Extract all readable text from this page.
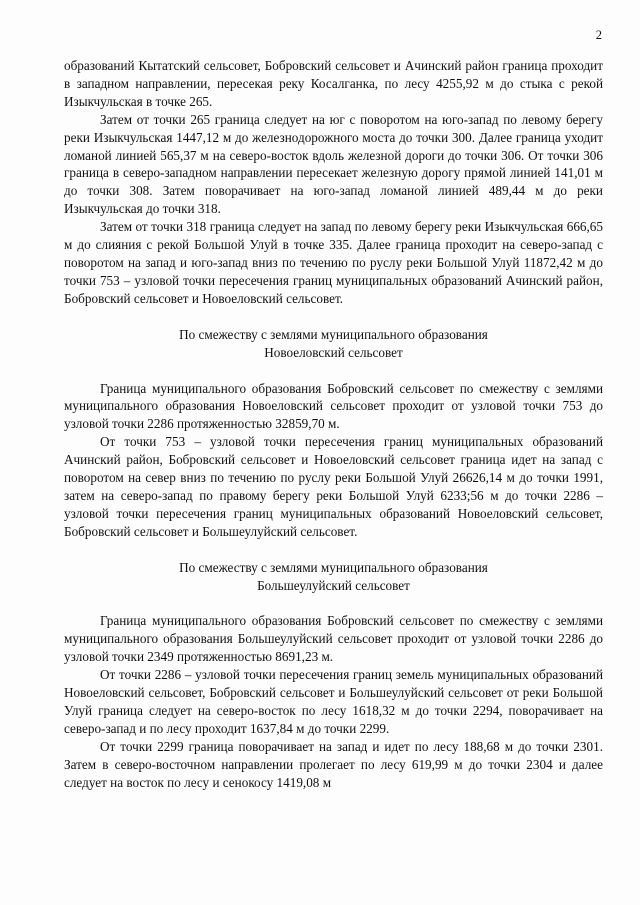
2

образований Кытатский сельсовет, Бобровский сельсовет и Ачинский район граница проходит в западном направлении, пересекая реку Косалганка, по лесу 4255,92 м до стыка с рекой Изыкчульская в точке 265.

Затем от точки 265 граница следует на юг с поворотом на юго-запад по левому берегу реки Изыкчульская 1447,12 м до железнодорожного моста до точки 300. Далее граница уходит ломаной линией 565,37 м на северо-восток вдоль железной дороги до точки 306. От точки 306 граница в северо-западном направлении пересекает железную дорогу прямой линией 141,01 м до точки 308. Затем поворачивает на юго-запад ломаной линией 489,44 м до реки Изыкчульская до точки 318.

Затем от точки 318 граница следует на запад по левому берегу реки Изыкчульская 666,65 м до слияния с рекой Большой Улуй в точке 335. Далее граница проходит на северо-запад с поворотом на запад и юго-запад вниз по течению по руслу реки Большой Улуй 11872,42 м до точки 753 – узловой точки пересечения границ муниципальных образований Ачинский район, Бобровский сельсовет и Новоеловский сельсовет.

По смежеству с землями муниципального образования

Новоеловский сельсовет

Граница муниципального образования Бобровский сельсовет по смежеству с землями муниципального образования Новоеловский сельсовет проходит от узловой точки 753 до узловой точки 2286 протяженностью 32859,70 м.

От точки 753 – узловой точки пересечения границ муниципальных образований Ачинский район, Бобровский сельсовет и Новоеловский сельсовет граница идет на запад с поворотом на север вниз по течению по руслу реки Большой Улуй 26626,14 м до точки 1991, затем на северо-запад по правому берегу реки Большой Улуй 6233;56 м до точки 2286 – узловой точки пересечения границ муниципальных образований Новоеловский сельсовет, Бобровский сельсовет и Большеулуйский сельсовет.

По смежеству с землями муниципального образования

Большеулуйский сельсовет

Граница муниципального образования Бобровский сельсовет по смежеству с землями муниципального образования Большеулуйский сельсовет проходит от узловой точки 2286 до узловой точки 2349 протяженностью 8691,23 м.

От точки 2286 – узловой точки пересечения границ земель муниципальных образований Новоеловский сельсовет, Бобровский сельсовет и Большеулуйский сельсовет от реки Большой Улуй граница следует на северо-восток по лесу 1618,32 м до точки 2294, поворачивает на северо-запад и по лесу проходит 1637,84 м до точки 2299.

От точки 2299 граница поворачивает на запад и идет по лесу 188,68 м до точки 2301. Затем в северо-восточном направлении пролегает по лесу 619,99 м до точки 2304 и далее следует на восток по лесу и сенокосу 1419,08 м
